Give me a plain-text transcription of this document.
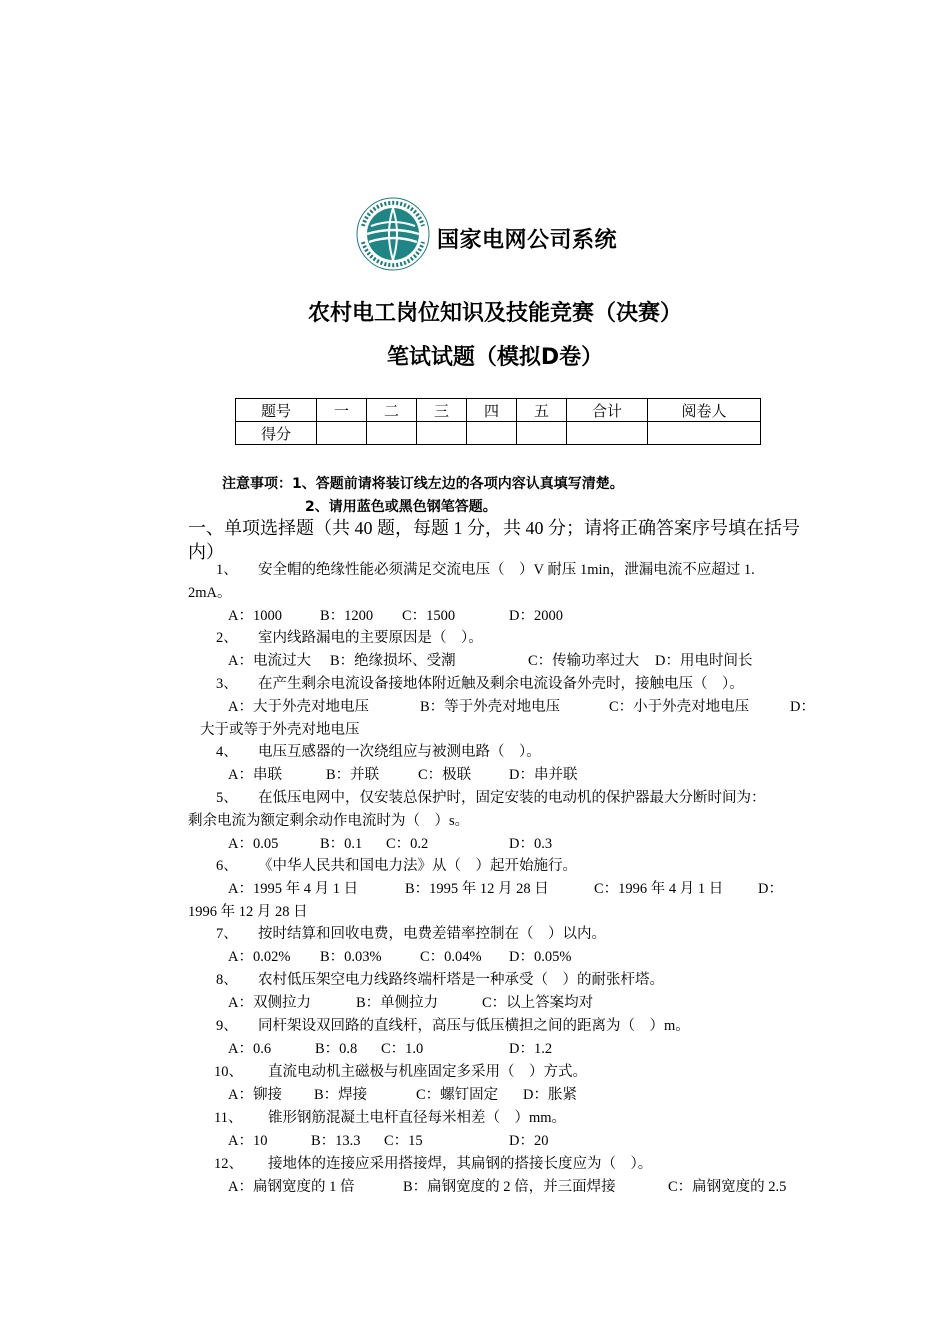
国家电网公司系统
农村电工岗位知识及技能竞赛（决赛）
笔试试题（模拟D卷）
题号	一	二	三	四	五	合计	阅卷人
得分							
注意事项：1、答题前请将装订线左边的各项内容认真填写清楚。
2、请用蓝色或黑色钢笔答题。
一、单项选择题（共 40 题，每题 1 分，共 40 分；请将正确答案序号填在括号内）
1、 安全帽的绝缘性能必须满足交流电压（　）V 耐压 1min，泄漏电流不应超过 1.
2mA。
A：1000	B：1200 C：1500	D：2000
2、 室内线路漏电的主要原因是（　）。
A：电流过大 B：绝缘损坏、受潮	C：传输功率过大 D：用电时间长
3、 在产生剩余电流设备接地体附近触及剩余电流设备外壳时，接触电压（　）。
A：大于外壳对地电压	B：等于外壳对地电压	C：小于外壳对地电压	D：
大于或等于外壳对地电压
4、 电压互感器的一次绕组应与被测电路（　）。
A：串联	B：并联	C：极联	D：串并联
5、 在低压电网中，仅安装总保护时，固定安装的电动机的保护器最大分断时间为：
剩余电流为额定剩余动作电流时为（　）s。
A：0.05	B：0.1 C：0.2	D：0.3
6、 《中华人民共和国电力法》从（　）起开始施行。
A：1995 年 4 月 1 日	B：1995 年 12 月 28 日	C：1996 年 4 月 1 日 D：
1996 年 12 月 28 日
7、 按时结算和回收电费，电费差错率控制在（　）以内。
A：0.02% B：0.03%	C：0.04% D：0.05%
8、 农村低压架空电力线路终端杆塔是一种承受（　）的耐张杆塔。
A：双侧拉力	B：单侧拉力	C：以上答案均对
9、 同杆架设双回路的直线杆，高压与低压横担之间的距离为（　）m。
A：0.6	B：0.8 C：1.0	D：1.2
10、 直流电动机主磁极与机座固定多采用（　）方式。
A：铆接 B：焊接	C：螺钉固定 D：胀紧
11、 锥形钢筋混凝土电杆直径每米相差（　）mm。
A：10	B：13.3 C：15	D：20
12、 接地体的连接应采用搭接焊，其扁钢的搭接长度应为（　）。
A：扁钢宽度的 1 倍	B：扁钢宽度的 2 倍，并三面焊接	C：扁钢宽度的 2.5
